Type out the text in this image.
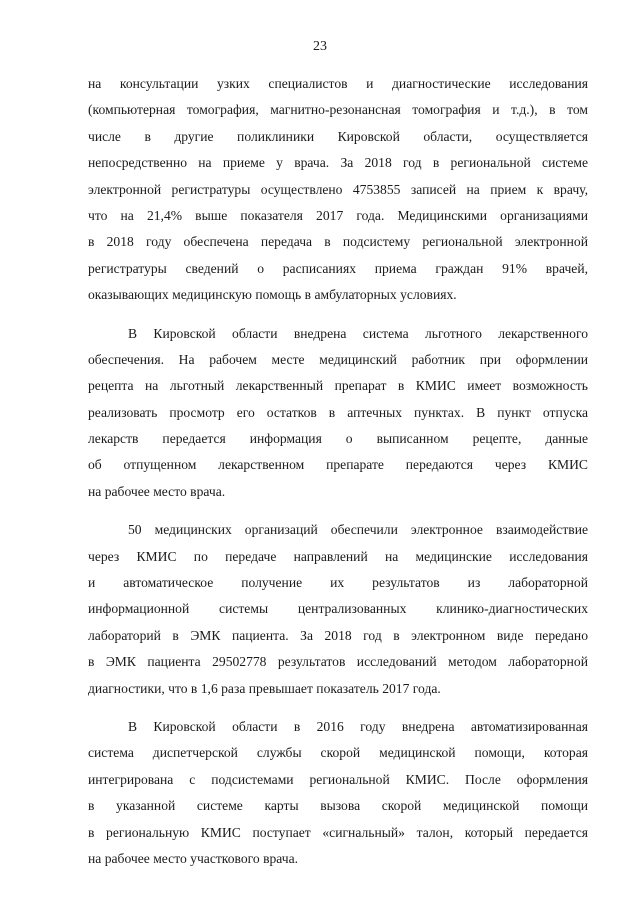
23
на консультации узких специалистов и диагностические исследования
(компьютерная томография, магнитно-резонансная томография и т.д.), в том
числе в другие поликлиники Кировской области, осуществляется
непосредственно на приеме у врача. За 2018 год в региональной системе
электронной регистратуры осуществлено 4753855 записей на прием к врачу,
что на 21,4% выше показателя 2017 года. Медицинскими организациями
в 2018 году обеспечена передача в подсистему региональной электронной
регистратуры сведений о расписаниях приема граждан 91% врачей,
оказывающих медицинскую помощь в амбулаторных условиях.
В Кировской области внедрена система льготного лекарственного
обеспечения. На рабочем месте медицинский работник при оформлении
рецепта на льготный лекарственный препарат в КМИС имеет возможность
реализовать просмотр его остатков в аптечных пунктах. В пункт отпуска
лекарств передается информация о выписанном рецепте, данные
об отпущенном лекарственном препарате передаются через КМИС
на рабочее место врача.
50 медицинских организаций обеспечили электронное взаимодействие
через КМИС по передаче направлений на медицинские исследования
и автоматическое получение их результатов из лабораторной
информационной системы централизованных клинико-диагностических
лабораторий в ЭМК пациента. За 2018 год в электронном виде передано
в ЭМК пациента 29502778 результатов исследований методом лабораторной
диагностики, что в 1,6 раза превышает показатель 2017 года.
В Кировской области в 2016 году внедрена автоматизированная
система диспетчерской службы скорой медицинской помощи, которая
интегрирована с подсистемами региональной КМИС. После оформления
в указанной системе карты вызова скорой медицинской помощи
в региональную КМИС поступает «сигнальный» талон, который передается
на рабочее место участкового врача.
